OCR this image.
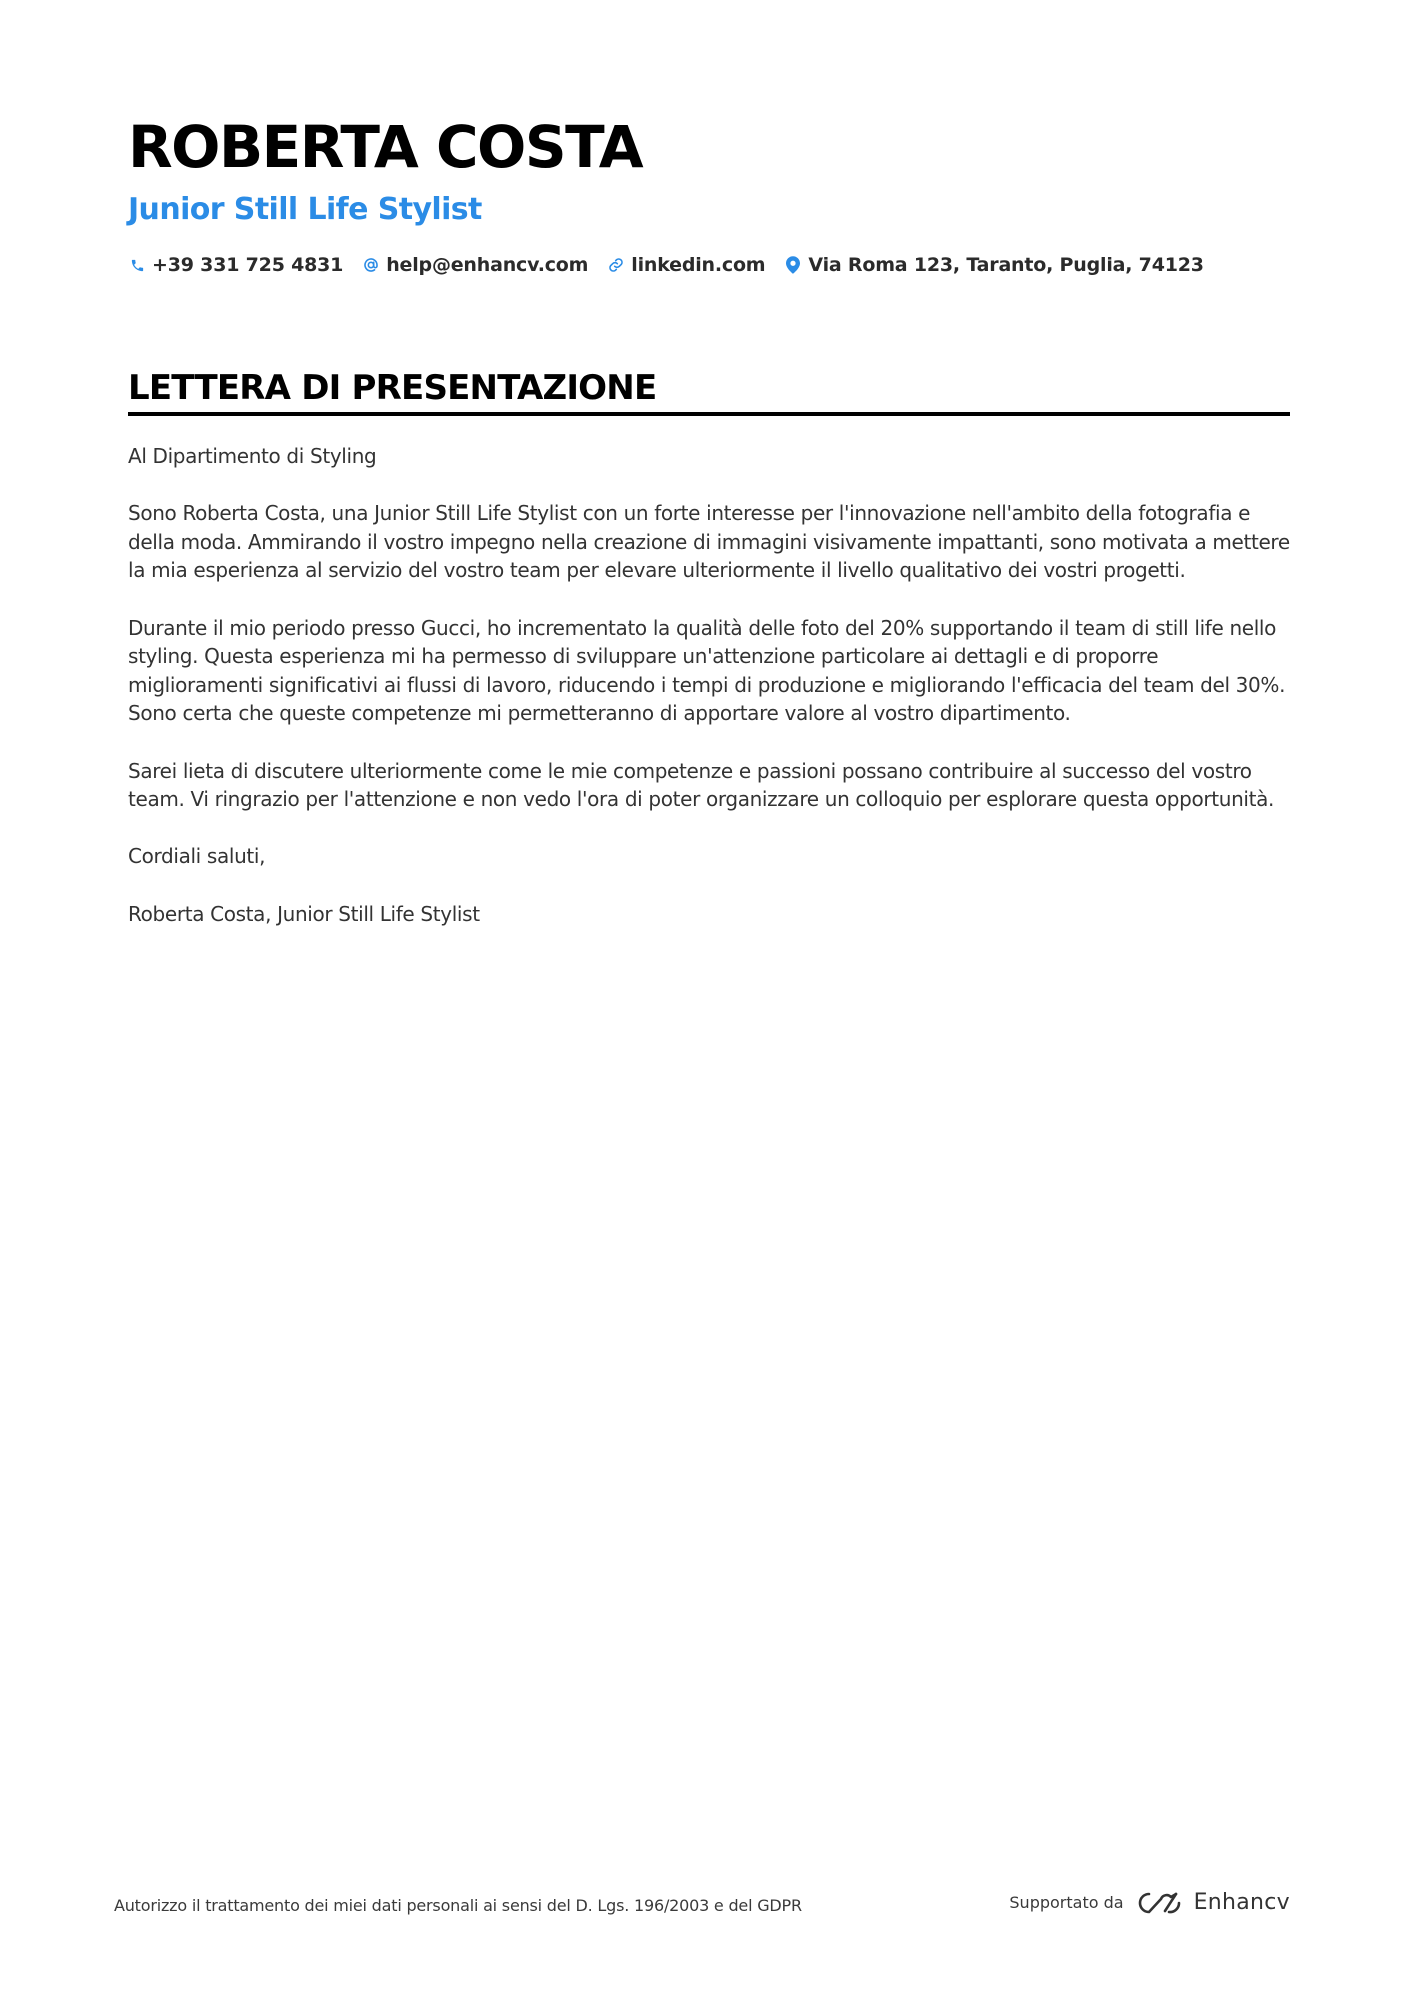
ROBERTA COSTA
Junior Still Life Stylist
+39 331 725 4831 help@enhancv.com linkedin.com Via Roma 123, Taranto, Puglia, 74123
LETTERA DI PRESENTAZIONE

Al Dipartimento di Styling

Sono Roberta Costa, una Junior Still Life Stylist con un forte interesse per l'innovazione nell'ambito della fotografia e della moda. Ammirando il vostro impegno nella creazione di immagini visivamente impattanti, sono motivata a mettere la mia esperienza al servizio del vostro team per elevare ulteriormente il livello qualitativo dei vostri progetti.

Durante il mio periodo presso Gucci, ho incrementato la qualità delle foto del 20% supportando il team di still life nello styling. Questa esperienza mi ha permesso di sviluppare un'attenzione particolare ai dettagli e di proporre miglioramenti significativi ai flussi di lavoro, riducendo i tempi di produzione e migliorando l'efficacia del team del 30%. Sono certa che queste competenze mi permetteranno di apportare valore al vostro dipartimento.

Sarei lieta di discutere ulteriormente come le mie competenze e passioni possano contribuire al successo del vostro team. Vi ringrazio per l'attenzione e non vedo l'ora di poter organizzare un colloquio per esplorare questa opportunità.

Cordiali saluti,

Roberta Costa, Junior Still Life Stylist

Autorizzo il trattamento dei miei dati personali ai sensi del D. Lgs. 196/2003 e del GDPR	Supportato da	Enhancv
